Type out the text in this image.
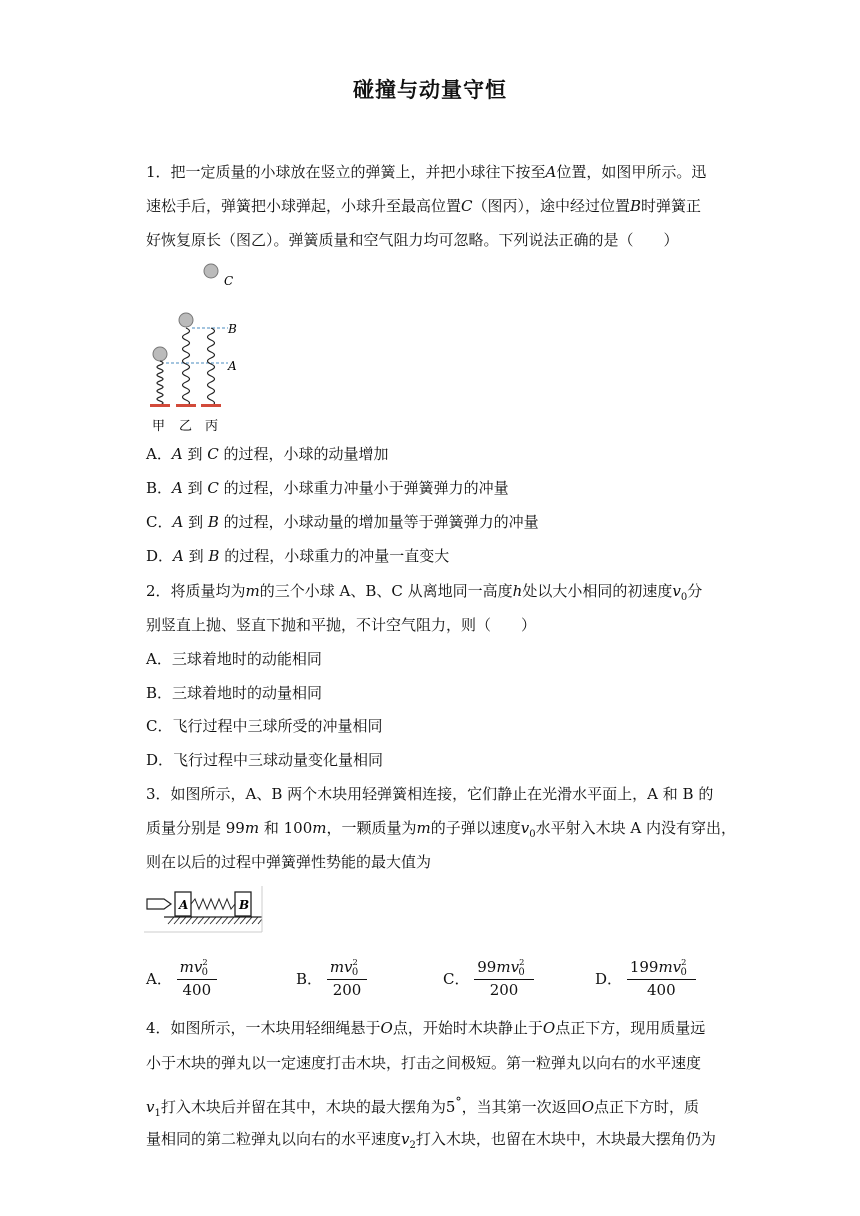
碰撞与动量守恒
1．把一定质量的小球放在竖立的弹簧上，并把小球往下按至A位置，如图甲所示。迅
速松手后，弹簧把小球弹起，小球升至最高位置C（图丙），途中经过位置B时弹簧正
好恢复原长（图乙）。弹簧质量和空气阻力均可忽略。下列说法正确的是（　　）
C
B
A
甲 乙 丙
A．A 到 C 的过程，小球的动量增加
B．A 到 C 的过程，小球重力冲量小于弹簧弹力的冲量
C．A 到 B 的过程，小球动量的增加量等于弹簧弹力的冲量
D．A 到 B 的过程，小球重力的冲量一直变大
2．将质量均为m的三个小球 A、B、C 从离地同一高度h处以大小相同的初速度$v_0$分
别竖直上抛、竖直下抛和平抛，不计空气阻力，则（　　）
A．三球着地时的动能相同
B．三球着地时的动量相同
C．飞行过程中三球所受的冲量相同
D．飞行过程中三球动量变化量相同
3．如图所示，A、B 两个木块用轻弹簧相连接，它们静止在光滑水平面上，A 和 B 的
质量分别是 99m 和 100m，一颗质量为m的子弹以速度$v_0$水平射入木块 A 内没有穿出，
则在以后的过程中弹簧弹性势能的最大值为
A	B
A． $\frac{mv^2_0}{400}$	B． $\frac{mv^2_0}{200}$	C． $\frac{99mv^2_0}{200}$	D． $\frac{199mv^2_0}{400}$
4．如图所示，一木块用轻细绳悬于O点，开始时木块静止于O点正下方，现用质量远
小于木块的弹丸以一定速度打击木块，打击之间极短。第一粒弹丸以向右的水平速度
$v_1$打入木块后并留在其中，木块的最大摆角为5°，当其第一次返回O点正下方时，质
量相同的第二粒弹丸以向右的水平速度$v_2$打入木块，也留在木块中，木块最大摆角仍为
